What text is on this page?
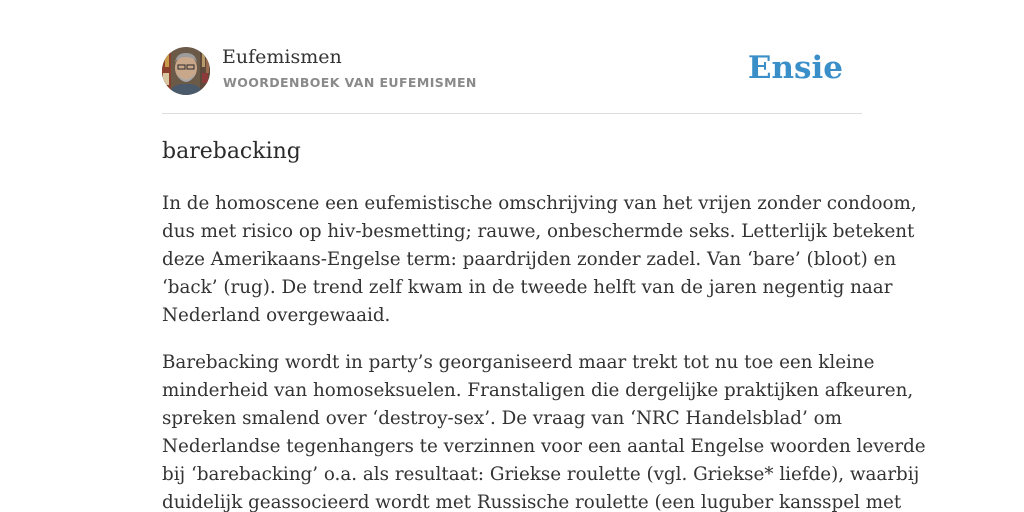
Eufemismen
WOORDENBOEK VAN EUFEMISMEN	Ensie
barebacking

In de homoscene een eufemistische omschrijving van het vrijen zonder condoom,
dus met risico op hiv-besmetting; rauwe, onbeschermde seks. Letterlijk betekent
deze Amerikaans-Engelse term: paardrijden zonder zadel. Van ‘bare’ (bloot) en
‘back’ (rug). De trend zelf kwam in de tweede helft van de jaren negentig naar
Nederland overgewaaid.

Barebacking wordt in party’s georganiseerd maar trekt tot nu toe een kleine
minderheid van homoseksuelen. Franstaligen die dergelijke praktijken afkeuren,
spreken smalend over ‘destroy-sex’. De vraag van ‘NRC Handelsblad’ om
Nederlandse tegenhangers te verzinnen voor een aantal Engelse woorden leverde
bij ‘barebacking’ o.a. als resultaat: Griekse roulette (vgl. Griekse* liefde), waarbij
duidelijk geassocieerd wordt met Russische roulette (een luguber kansspel met
